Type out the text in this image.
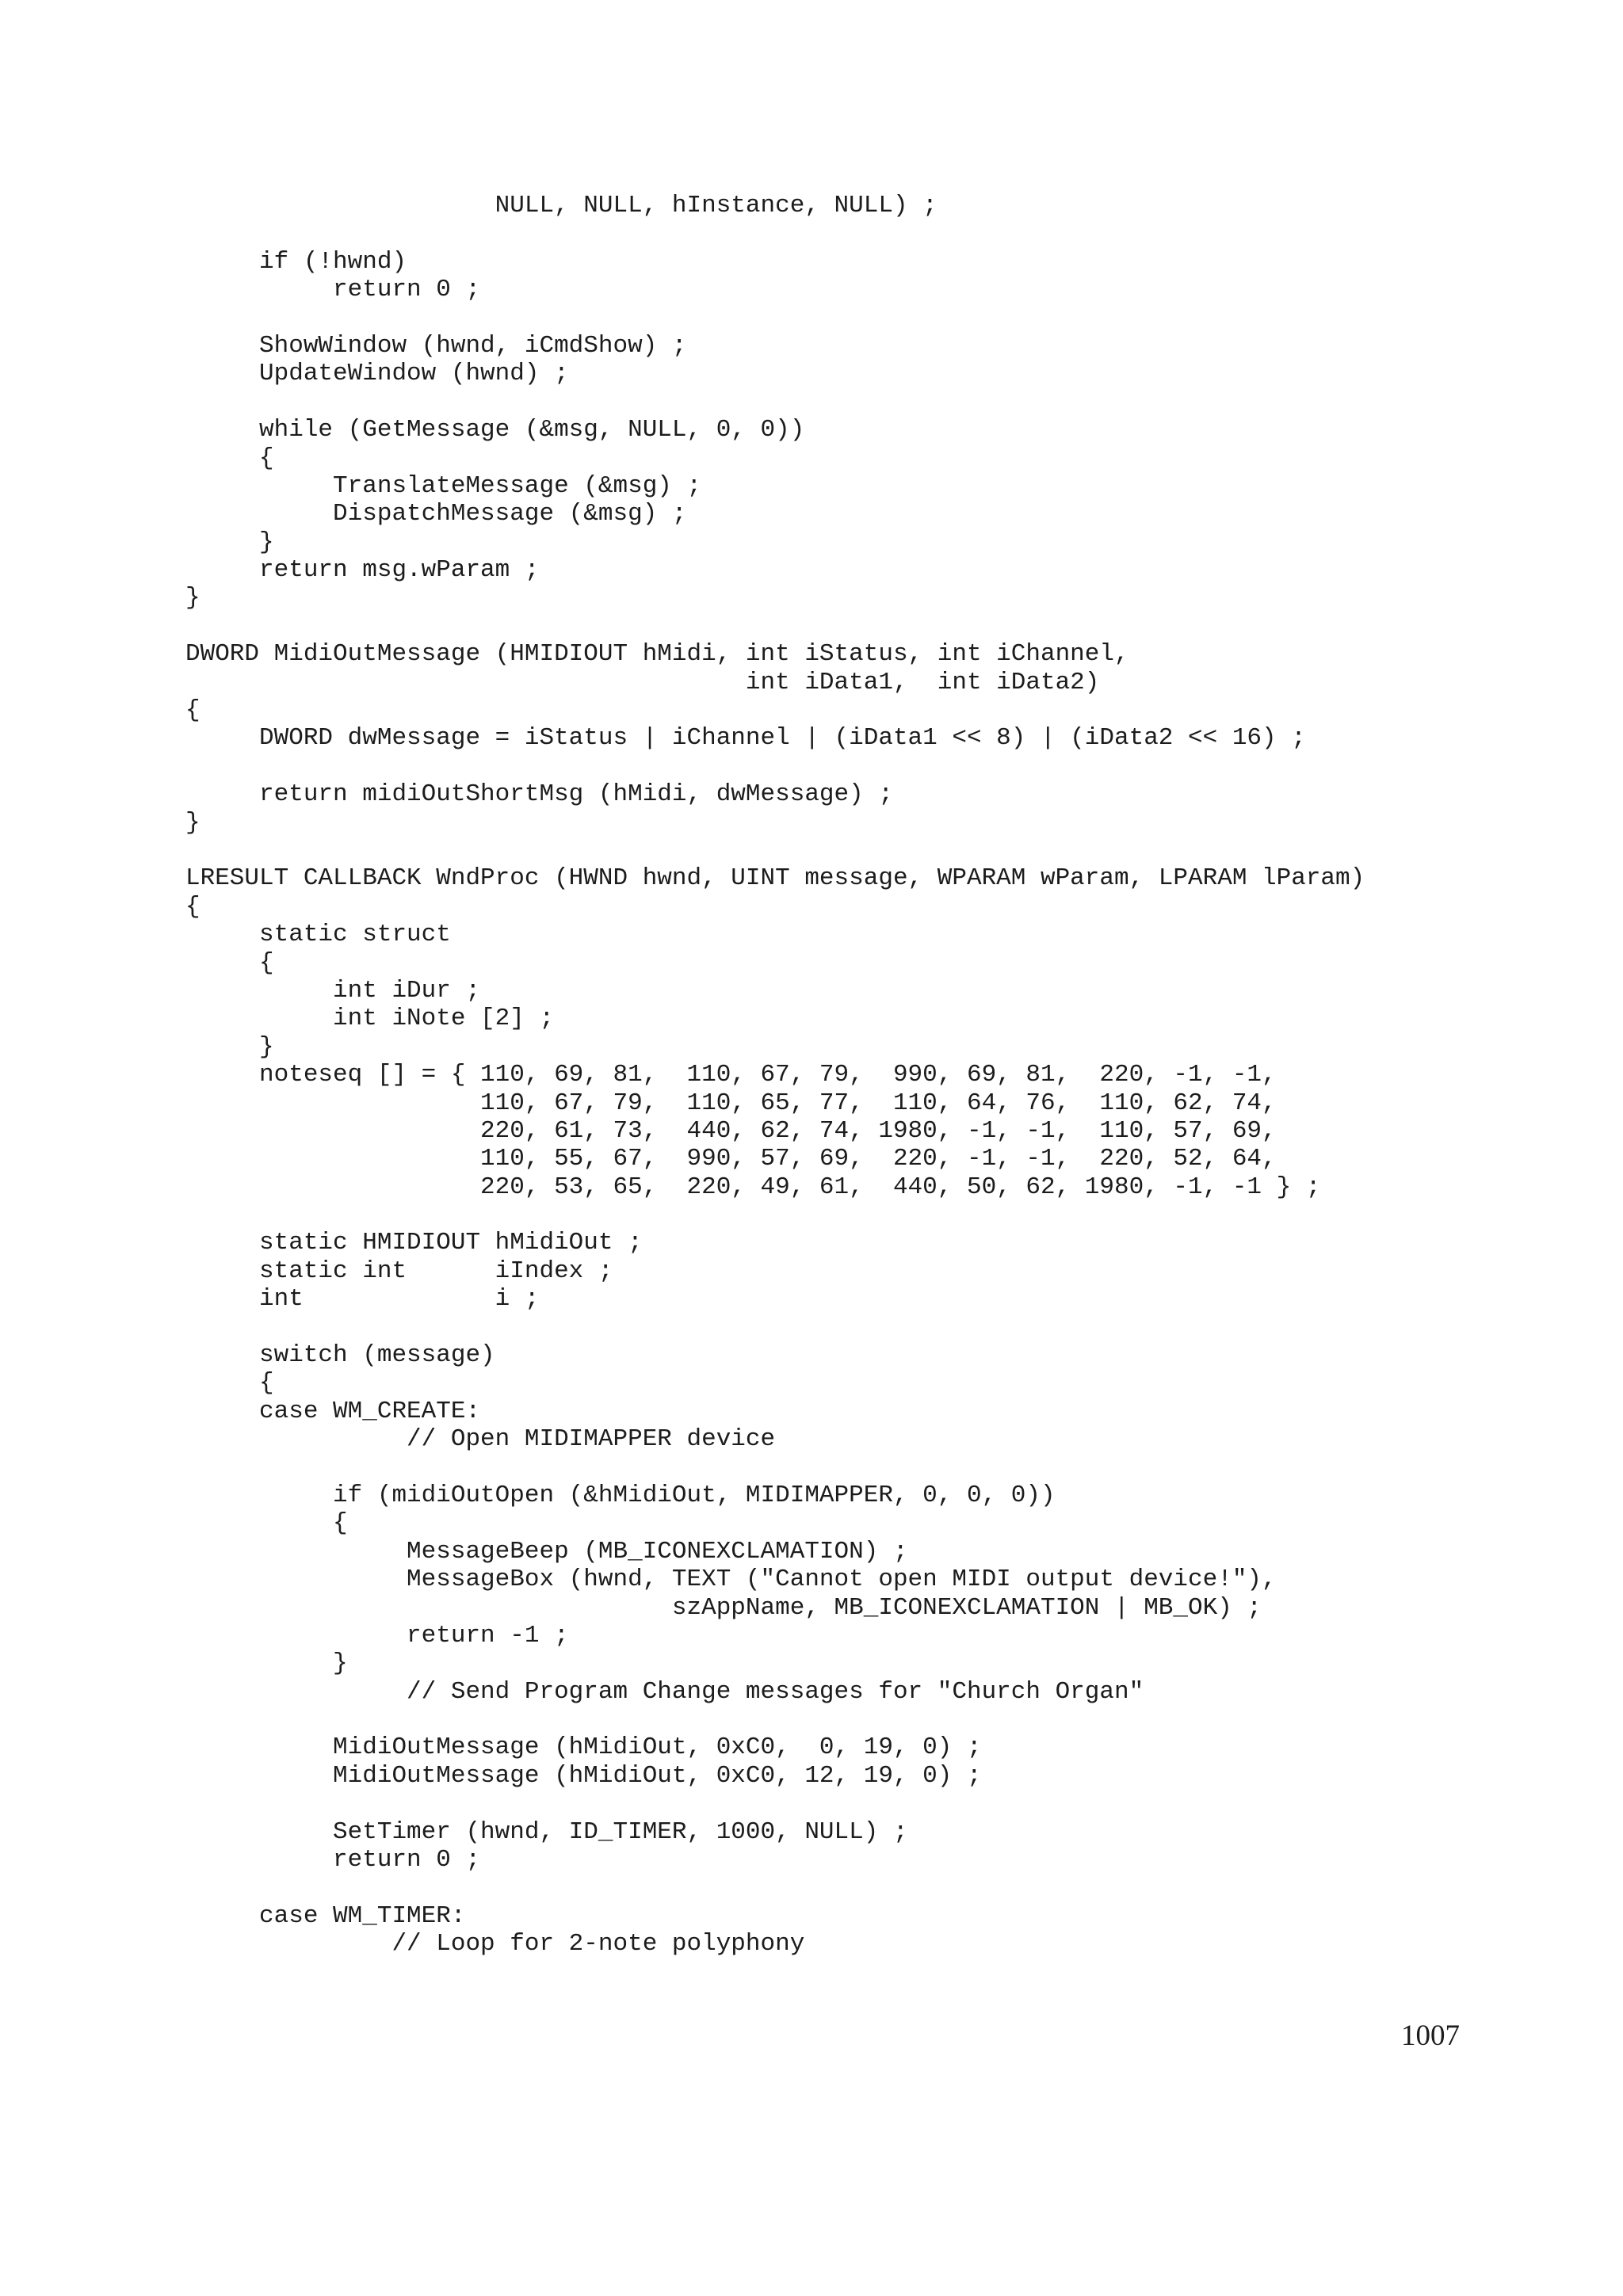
NULL, NULL, hInstance, NULL) ;
if (!hwnd)
return 0 ;
ShowWindow (hwnd, iCmdShow) ;
UpdateWindow (hwnd) ;
while (GetMessage (&msg, NULL, 0, 0))
{
TranslateMessage (&msg) ;
DispatchMessage (&msg) ;
}
return msg.wParam ;
}
DWORD MidiOutMessage (HMIDIOUT hMidi, int iStatus, int iChannel,
int iData1,  int iData2)
{
DWORD dwMessage = iStatus | iChannel | (iData1 << 8) | (iData2 << 16) ;
return midiOutShortMsg (hMidi, dwMessage) ;
}
LRESULT CALLBACK WndProc (HWND hwnd, UINT message, WPARAM wParam, LPARAM lParam)
{
static struct
{
int iDur ;
int iNote [2] ;
}
noteseq [] = { 110, 69, 81,  110, 67, 79,  990, 69, 81,  220, -1, -1,
110, 67, 79,  110, 65, 77,  110, 64, 76,  110, 62, 74,
220, 61, 73,  440, 62, 74, 1980, -1, -1,  110, 57, 69,
110, 55, 67,  990, 57, 69,  220, -1, -1,  220, 52, 64,
220, 53, 65,  220, 49, 61,  440, 50, 62, 1980, -1, -1 } ;
static HMIDIOUT hMidiOut ;
static int      iIndex ;
int             i ;
switch (message)
{
case WM_CREATE:
// Open MIDIMAPPER device
if (midiOutOpen (&hMidiOut, MIDIMAPPER, 0, 0, 0))
{
MessageBeep (MB_ICONEXCLAMATION) ;
MessageBox (hwnd, TEXT ("Cannot open MIDI output device!"),
szAppName, MB_ICONEXCLAMATION | MB_OK) ;
return -1 ;
}
// Send Program Change messages for "Church Organ"
MidiOutMessage (hMidiOut, 0xC0,  0, 19, 0) ;
MidiOutMessage (hMidiOut, 0xC0, 12, 19, 0) ;
SetTimer (hwnd, ID_TIMER, 1000, NULL) ;
return 0 ;
case WM_TIMER:
// Loop for 2-note polyphony
1007
